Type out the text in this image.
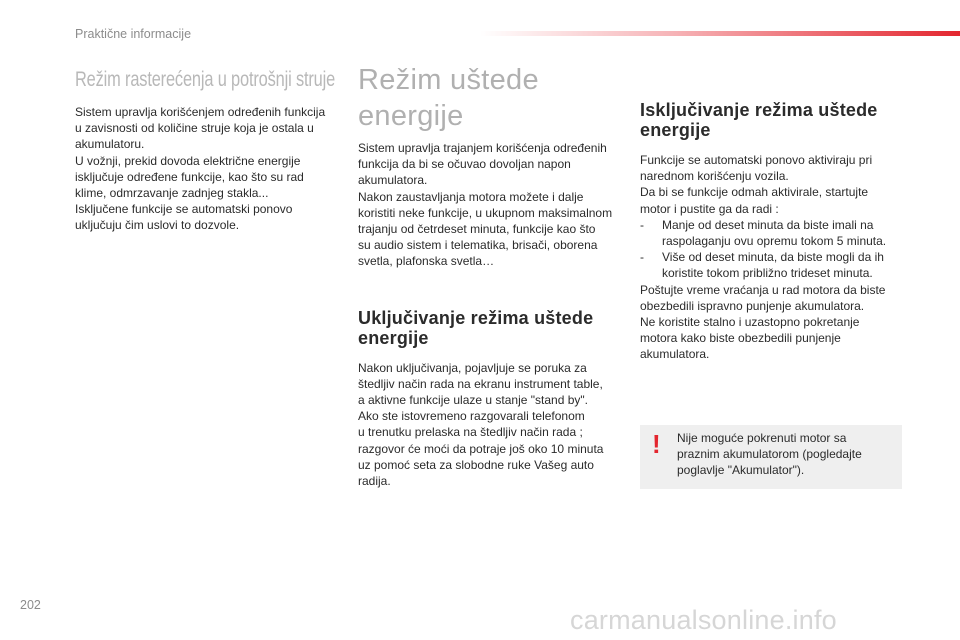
Praktične informacije
Režim rasterećenja u potrošnji struje

Sistem upravlja korišćenjem određenih funkcija
u zavisnosti od količine struje koja je ostala u
akumulatoru.
U vožnji, prekid dovoda električne energije
isključuje određene funkcije, kao što su rad
klime, odmrzavanje zadnjeg stakla...
Isključene funkcije se automatski ponovo
uključuju čim uslovi to dozvole.

Režim uštede energije

Sistem upravlja trajanjem korišćenja određenih
funkcija da bi se očuvao dovoljan napon
akumulatora.
Nakon zaustavljanja motora možete i dalje
koristiti neke funkcije, u ukupnom maksimalnom
trajanju od četrdeset minuta, funkcije kao što
su audio sistem i telematika, brisači, oborena
svetla, plafonska svetla…

Uključivanje režima uštede
energije

Nakon uključivanja, pojavljuje se poruka za
štedljiv način rada na ekranu instrument table,
a aktivne funkcije ulaze u stanje "stand by".
Ako ste istovremeno razgovarali telefonom
u trenutku prelaska na štedljiv način rada ;
razgovor će moći da potraje još oko 10 minuta
uz pomoć seta za slobodne ruke Vašeg auto
radija.

Isključivanje režima uštede
energije
Funkcije se automatski ponovo aktiviraju pri
narednom korišćenju vozila.
Da bi se funkcije odmah aktivirale, startujte
motor i pustite ga da radi :
-	Manje od deset minuta da biste imali na
raspolaganju ovu opremu tokom 5 minuta.
-	Više od deset minuta, da biste mogli da ih
koristite tokom približno trideset minuta.
Poštujte vreme vraćanja u rad motora da biste
obezbedili ispravno punjenje akumulatora.
Ne koristite stalno i uzastopno pokretanje
motora kako biste obezbedili punjenje
akumulatora.
! Nije moguće pokrenuti motor sa
praznim akumulatorom (pogledajte
poglavlje "Akumulator").
202	carmanualsonline.info
